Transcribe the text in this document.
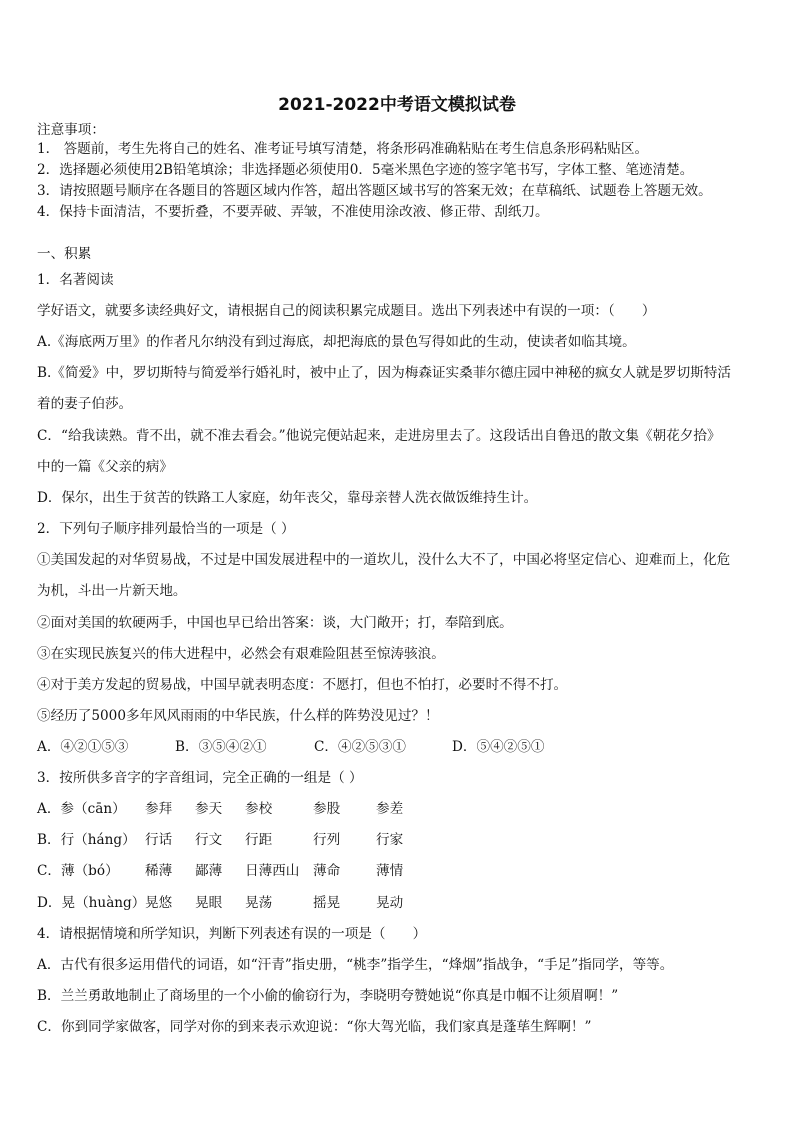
2021-2022中考语文模拟试卷
注意事项：
1． 答题前，考生先将自己的姓名、准考证号填写清楚，将条形码准确粘贴在考生信息条形码粘贴区。
2．选择题必须使用2B铅笔填涂；非选择题必须使用0．5毫米黑色字迹的签字笔书写，字体工整、笔迹清楚。
3．请按照题号顺序在各题目的答题区域内作答，超出答题区域书写的答案无效；在草稿纸、试题卷上答题无效。
4．保持卡面清洁，不要折叠，不要弄破、弄皱，不准使用涂改液、修正带、刮纸刀。
一、积累
1．名著阅读
学好语文，就要多读经典好文，请根据自己的阅读积累完成题目。选出下列表述中有误的一项：（　　）
A.《海底两万里》的作者凡尔纳没有到过海底，却把海底的景色写得如此的生动，使读者如临其境。
B.《简爱》中，罗切斯特与简爱举行婚礼时，被中止了，因为梅森证实桑菲尔德庄园中神秘的疯女人就是罗切斯特活
着的妻子伯莎。
C．“给我读熟。背不出，就不准去看会。”他说完便站起来，走进房里去了。这段话出自鲁迅的散文集《朝花夕拾》
中的一篇《父亲的病》
D．保尔，出生于贫苦的铁路工人家庭，幼年丧父，靠母亲替人洗衣做饭维持生计。
2．下列句子顺序排列最恰当的一项是（ ）
①美国发起的对华贸易战，不过是中国发展进程中的一道坎儿，没什么大不了，中国必将坚定信心、迎难而上，化危
为机，斗出一片新天地。
②面对美国的软硬两手，中国也早已给出答案：谈，大门敞开；打，奉陪到底。
③在实现民族复兴的伟大进程中，必然会有艰难险阻甚至惊涛骇浪。
④对于美方发起的贸易战，中国早就表明态度：不愿打，但也不怕打，必要时不得不打。
⑤经历了5000多年风风雨雨的中华民族，什么样的阵势没见过？！
A．④②①⑤③	B．③⑤④②①	C．④②⑤③①	D．⑤④②⑤①
3．按所供多音字的字音组词，完全正确的一组是（ ）
A．参（cān） 参拜 参天 参校	参股	参差
B．行（háng） 行话 行文 行距	行列	行家
C．薄（bó） 稀薄 鄙薄 日薄西山 薄命	薄情
D．晃（huàng） 晃悠 晃眼 晃荡	摇晃	晃动
4．请根据情境和所学知识，判断下列表述有误的一项是（　　）
A．古代有很多运用借代的词语，如“汗青”指史册，“桃李”指学生，“烽烟”指战争，“手足”指同学，等等。
B．兰兰勇敢地制止了商场里的一个小偷的偷窃行为，李晓明夸赞她说“你真是巾帼不让须眉啊！”
C．你到同学家做客，同学对你的到来表示欢迎说：“你大驾光临，我们家真是蓬荜生辉啊！”
